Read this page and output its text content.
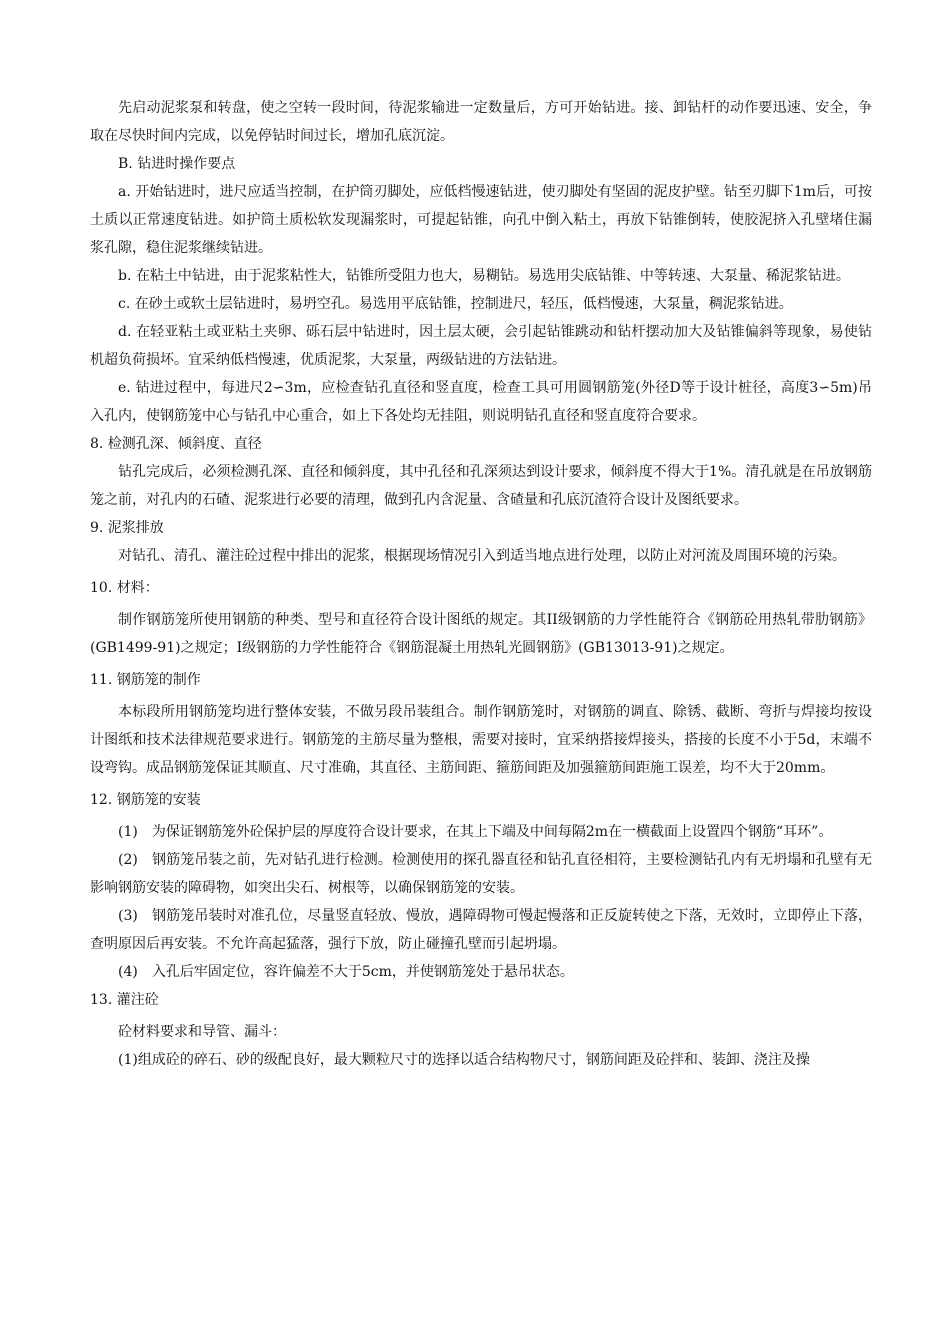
先启动泥浆泵和转盘，使之空转一段时间，待泥浆输进一定数量后，方可开始钻进。接、卸钻杆的动作要迅速、安全，争取在尽快时间内完成，以免停钻时间过长，增加孔底沉淀。

B. 钻进时操作要点

a. 开始钻进时，进尺应适当控制，在护筒刃脚处，应低档慢速钻进，使刃脚处有坚固的泥皮护壁。钻至刃脚下1m后，可按土质以正常速度钻进。如护筒土质松软发现漏浆时，可提起钻锥，向孔中倒入粘土，再放下钻锥倒转，使胶泥挤入孔壁堵住漏浆孔隙，稳住泥浆继续钻进。

b. 在粘土中钻进，由于泥浆粘性大，钻锥所受阻力也大，易糊钻。易选用尖底钻锥、中等转速、大泵量、稀泥浆钻进。

c. 在砂土或软土层钻进时，易坍空孔。易选用平底钻锥，控制进尺，轻压，低档慢速，大泵量，稠泥浆钻进。

d. 在轻亚粘土或亚粘土夹卵、砾石层中钻进时，因土层太硬，会引起钻锥跳动和钻杆摆动加大及钻锥偏斜等现象，易使钻机超负荷损坏。宜采纳低档慢速，优质泥浆，大泵量，两级钻进的方法钻进。

e. 钻进过程中，每进尺2∽3m，应检查钻孔直径和竖直度，检查工具可用圆钢筋笼(外径D等于设计桩径，高度3∽5m)吊入孔内，使钢筋笼中心与钻孔中心重合，如上下各处均无挂阻，则说明钻孔直径和竖直度符合要求。

8. 检测孔深、倾斜度、直径

钻孔完成后，必须检测孔深、直径和倾斜度，其中孔径和孔深须达到设计要求，倾斜度不得大于1%。清孔就是在吊放钢筋笼之前，对孔内的石碴、泥浆进行必要的清理，做到孔内含泥量、含碴量和孔底沉渣符合设计及图纸要求。

9. 泥浆排放

对钻孔、清孔、灌注砼过程中排出的泥浆，根据现场情况引入到适当地点进行处理，以防止对河流及周围环境的污染。

10. 材料：

制作钢筋笼所使用钢筋的种类、型号和直径符合设计图纸的规定。其II级钢筋的力学性能符合《钢筋砼用热轧带肋钢筋》(GB1499-91)之规定；I级钢筋的力学性能符合《钢筋混凝土用热轧光圆钢筋》(GB13013-91)之规定。

11. 钢筋笼的制作

本标段所用钢筋笼均进行整体安装，不做另段吊装组合。制作钢筋笼时，对钢筋的调直、除锈、截断、弯折与焊接均按设计图纸和技术法律规范要求进行。钢筋笼的主筋尽量为整根，需要对接时，宜采纳搭接焊接头，搭接的长度不小于5d，末端不设弯钩。成品钢筋笼保证其顺直、尺寸准确，其直径、主筋间距、箍筋间距及加强箍筋间距施工误差，均不大于20mm。

12. 钢筋笼的安装

(1) 为保证钢筋笼外砼保护层的厚度符合设计要求，在其上下端及中间每隔2m在一横截面上设置四个钢筋“耳环”。

(2) 钢筋笼吊装之前，先对钻孔进行检测。检测使用的探孔器直径和钻孔直径相符，主要检测钻孔内有无坍塌和孔壁有无影响钢筋安装的障碍物，如突出尖石、树根等，以确保钢筋笼的安装。

(3) 钢筋笼吊装时对准孔位，尽量竖直轻放、慢放，遇障碍物可慢起慢落和正反旋转使之下落，无效时，立即停止下落，查明原因后再安装。不允许高起猛落，强行下放，防止碰撞孔壁而引起坍塌。

(4) 入孔后牢固定位，容许偏差不大于5cm，并使钢筋笼处于悬吊状态。

13. 灌注砼

砼材料要求和导管、漏斗：

(1)组成砼的碎石、砂的级配良好，最大颗粒尺寸的选择以适合结构物尺寸，钢筋间距及砼拌和、装卸、浇注及操
